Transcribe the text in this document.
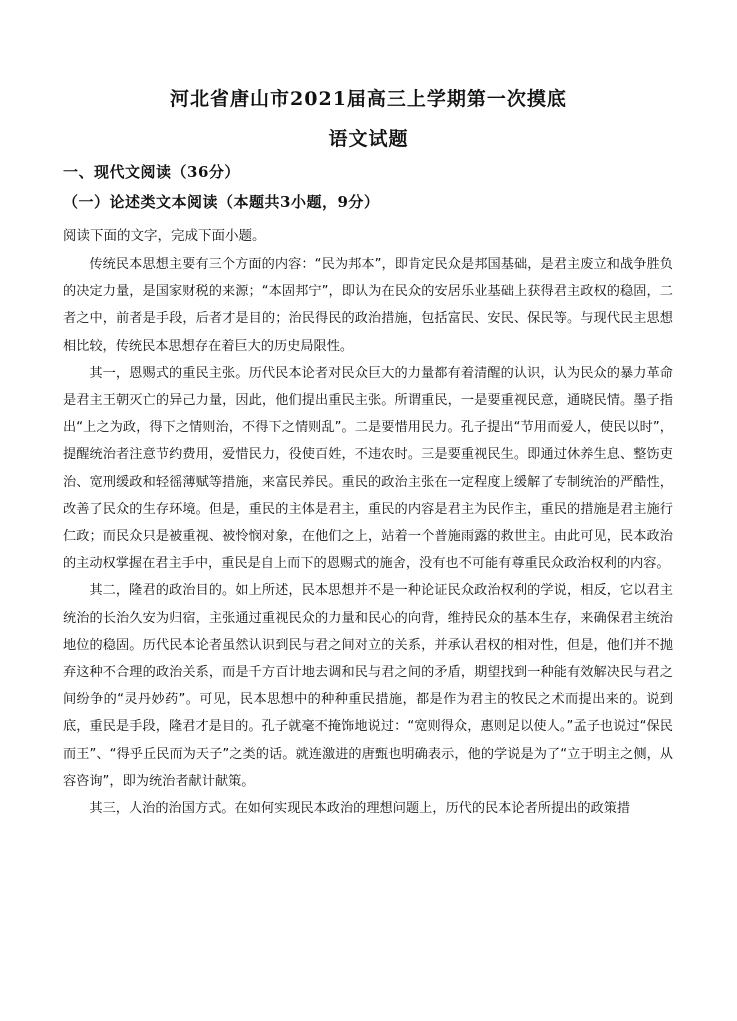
河北省唐山市2021届高三上学期第一次摸底
语文试题
一、现代文阅读（36分）
（一）论述类文本阅读（本题共3小题，9分）
阅读下面的文字，完成下面小题。

传统民本思想主要有三个方面的内容：“民为邦本”，即肯定民众是邦国基础，是君主废立和战争胜负的决定力量，是国家财税的来源；“本固邦宁”，即认为在民众的安居乐业基础上获得君主政权的稳固，二者之中，前者是手段，后者才是目的；治民得民的政治措施，包括富民、安民、保民等。与现代民主思想相比较，传统民本思想存在着巨大的历史局限性。

其一，恩赐式的重民主张。历代民本论者对民众巨大的力量都有着清醒的认识，认为民众的暴力革命是君主王朝灭亡的异己力量，因此，他们提出重民主张。所谓重民，一是要重视民意，通晓民情。墨子指出“上之为政，得下之情则治，不得下之情则乱”。二是要惜用民力。孔子提出“节用而爱人，使民以时”，提醒统治者注意节约费用，爱惜民力，役使百姓，不违农时。三是要重视民生。即通过休养生息、整饬吏治、宽刑缓政和轻徭薄赋等措施，来富民养民。重民的政治主张在一定程度上缓解了专制统治的严酷性，改善了民众的生存环境。但是，重民的主体是君主，重民的内容是君主为民作主，重民的措施是君主施行仁政；而民众只是被重视、被怜悯对象，在他们之上，站着一个普施雨露的救世主。由此可见，民本政治的主动权掌握在君主手中，重民是自上而下的恩赐式的施舍，没有也不可能有尊重民众政治权利的内容。

其二，隆君的政治目的。如上所述，民本思想并不是一种论证民众政治权利的学说，相反，它以君主统治的长治久安为归宿，主张通过重视民众的力量和民心的向背，维持民众的基本生存，来确保君主统治地位的稳固。历代民本论者虽然认识到民与君之间对立的关系，并承认君权的相对性，但是，他们并不抛弃这种不合理的政治关系，而是千方百计地去调和民与君之间的矛盾，期望找到一种能有效解决民与君之间纷争的“灵丹妙药”。可见，民本思想中的种种重民措施，都是作为君主的牧民之术而提出来的。说到底，重民是手段，隆君才是目的。孔子就毫不掩饰地说过：“宽则得众，惠则足以使人。”孟子也说过“保民而王”、“得乎丘民而为天子”之类的话。就连激进的唐甄也明确表示，他的学说是为了“立于明主之侧，从容咨询”，即为统治者献计献策。

其三，人治的治国方式。在如何实现民本政治的理想问题上，历代的民本论者所提出的政策措
